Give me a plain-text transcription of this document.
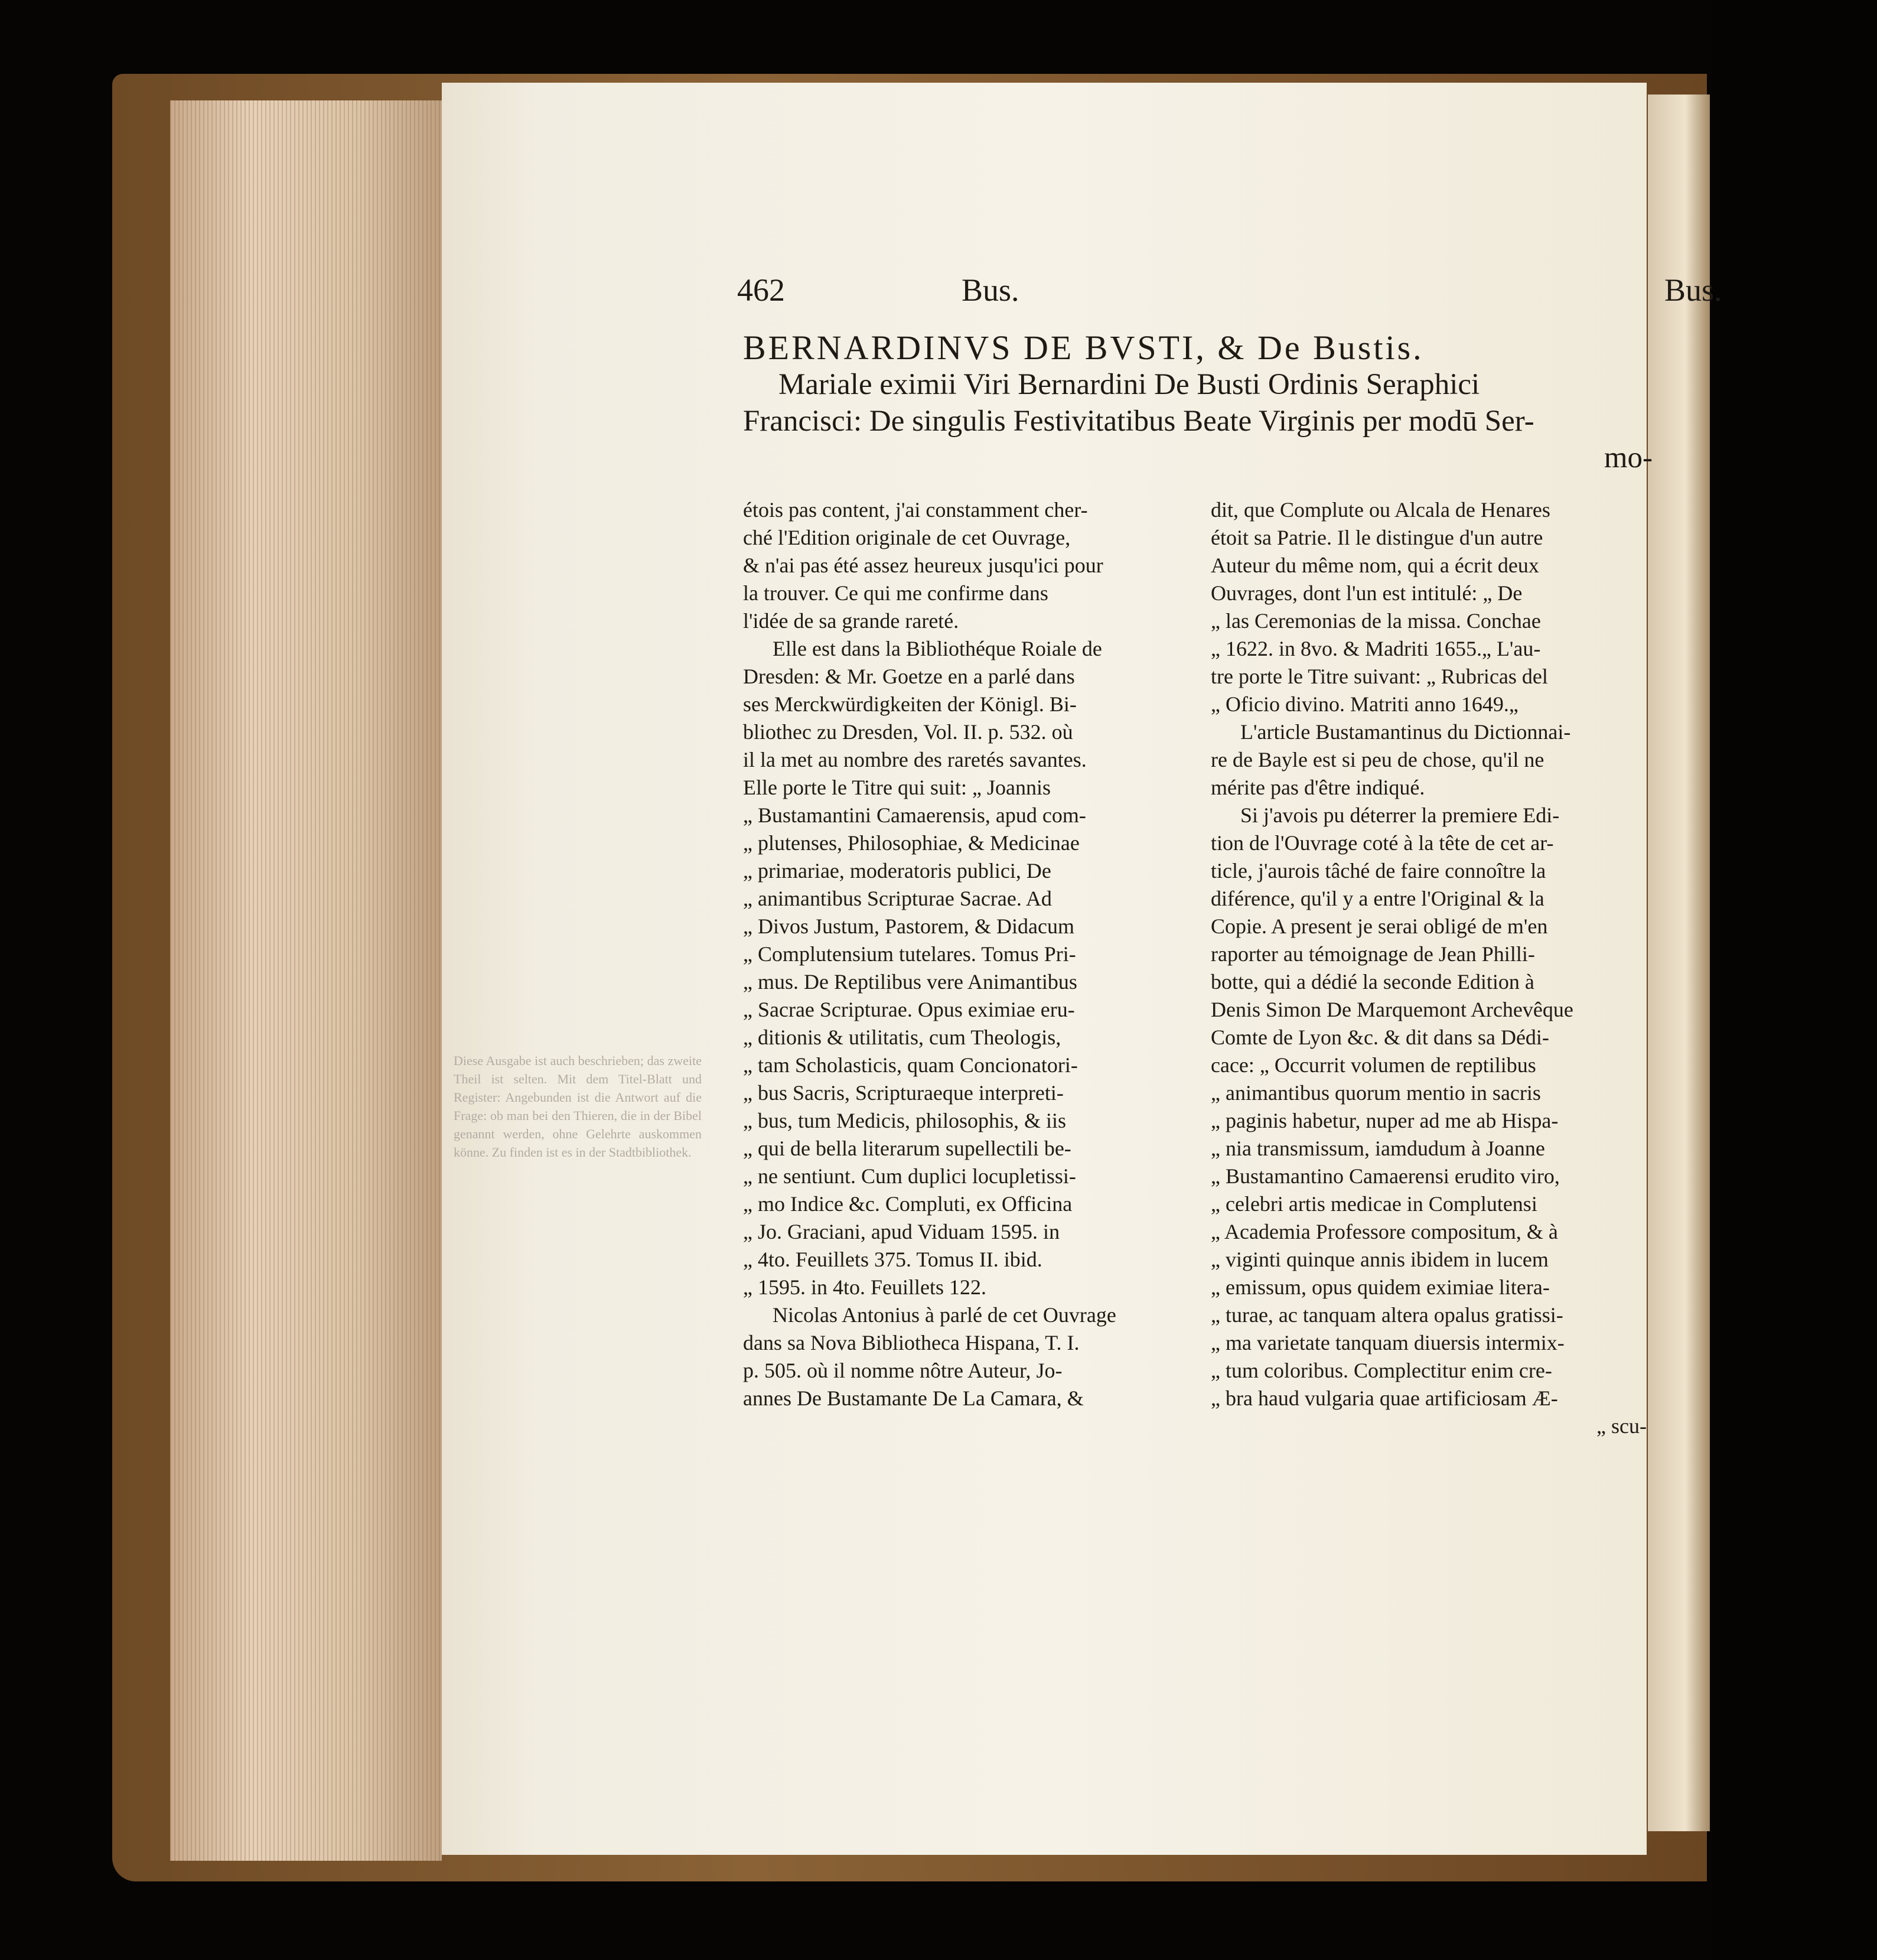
Diese Ausgabe ist auch beschrieben; das zweite Theil ist selten. Mit dem Titel-Blatt und Register: Angebunden ist die Antwort auf die Frage: ob man bei den Thieren, die in der Bibel genannt werden, ohne Gelehrte auskommen könne. Zu finden ist es in der Stadtbibliothek.
462	Bus.	Bus.
BERNARDINVS DE BVSTI, & De Bustis.
Mariale eximii Viri Bernardini De Busti Ordinis Seraphici
Francisci: De singulis Festivitatibus Beate Virginis per modū Ser-
mo-
étois pas content, j'ai constamment cher-
ché l'Edition originale de cet Ouvrage,
& n'ai pas été assez heureux jusqu'ici pour
la trouver. Ce qui me confirme dans
l'idée de sa grande rareté.
Elle est dans la Bibliothéque Roiale de
Dresden: & Mr. Goetze en a parlé dans
ses Merckwürdigkeiten der Königl. Bi-
bliothec zu Dresden, Vol. II. p. 532. où
il la met au nombre des raretés savantes.
Elle porte le Titre qui suit: „ Joannis
„ Bustamantini Camaerensis, apud com-
„ plutenses, Philosophiae, & Medicinae
„ primariae, moderatoris publici, De
„ animantibus Scripturae Sacrae. Ad
„ Divos Justum, Pastorem, & Didacum
„ Complutensium tutelares. Tomus Pri-
„ mus. De Reptilibus vere Animantibus
„ Sacrae Scripturae. Opus eximiae eru-
„ ditionis & utilitatis, cum Theologis,
„ tam Scholasticis, quam Concionatori-
„ bus Sacris, Scripturaeque interpreti-
„ bus, tum Medicis, philosophis, & iis
„ qui de bella literarum supellectili be-
„ ne sentiunt. Cum duplici locupletissi-
„ mo Indice &c. Compluti, ex Officina
„ Jo. Graciani, apud Viduam 1595. in
„ 4to. Feuillets 375. Tomus II. ibid.
„ 1595. in 4to. Feuillets 122.
Nicolas Antonius à parlé de cet Ouvrage
dans sa Nova Bibliotheca Hispana, T. I.
p. 505. où il nomme nôtre Auteur, Jo-
annes De Bustamante De La Camara, &
dit, que Complute ou Alcala de Henares
étoit sa Patrie. Il le distingue d'un autre
Auteur du même nom, qui a écrit deux
Ouvrages, dont l'un est intitulé: „ De
„ las Ceremonias de la missa. Conchae
„ 1622. in 8vo. & Madriti 1655.„ L'au-
tre porte le Titre suivant: „ Rubricas del
„ Oficio divino. Matriti anno 1649.„
L'article Bustamantinus du Dictionnai-
re de Bayle est si peu de chose, qu'il ne
mérite pas d'être indiqué.
Si j'avois pu déterrer la premiere Edi-
tion de l'Ouvrage coté à la tête de cet ar-
ticle, j'aurois tâché de faire connoître la
diférence, qu'il y a entre l'Original & la
Copie. A present je serai obligé de m'en
raporter au témoignage de Jean Philli-
botte, qui a dédié la seconde Edition à
Denis Simon De Marquemont Archevêque
Comte de Lyon &c. & dit dans sa Dédi-
cace: „ Occurrit volumen de reptilibus
„ animantibus quorum mentio in sacris
„ paginis habetur, nuper ad me ab Hispa-
„ nia transmissum, iamdudum à Joanne
„ Bustamantino Camaerensi erudito viro,
„ celebri artis medicae in Complutensi
„ Academia Professore compositum, & à
„ viginti quinque annis ibidem in lucem
„ emissum, opus quidem eximiae litera-
„ turae, ac tanquam altera opalus gratissi-
„ ma varietate tanquam diuersis intermix-
„ tum coloribus. Complectitur enim cre-
„ bra haud vulgaria quae artificiosam Æ-
„ scu-
